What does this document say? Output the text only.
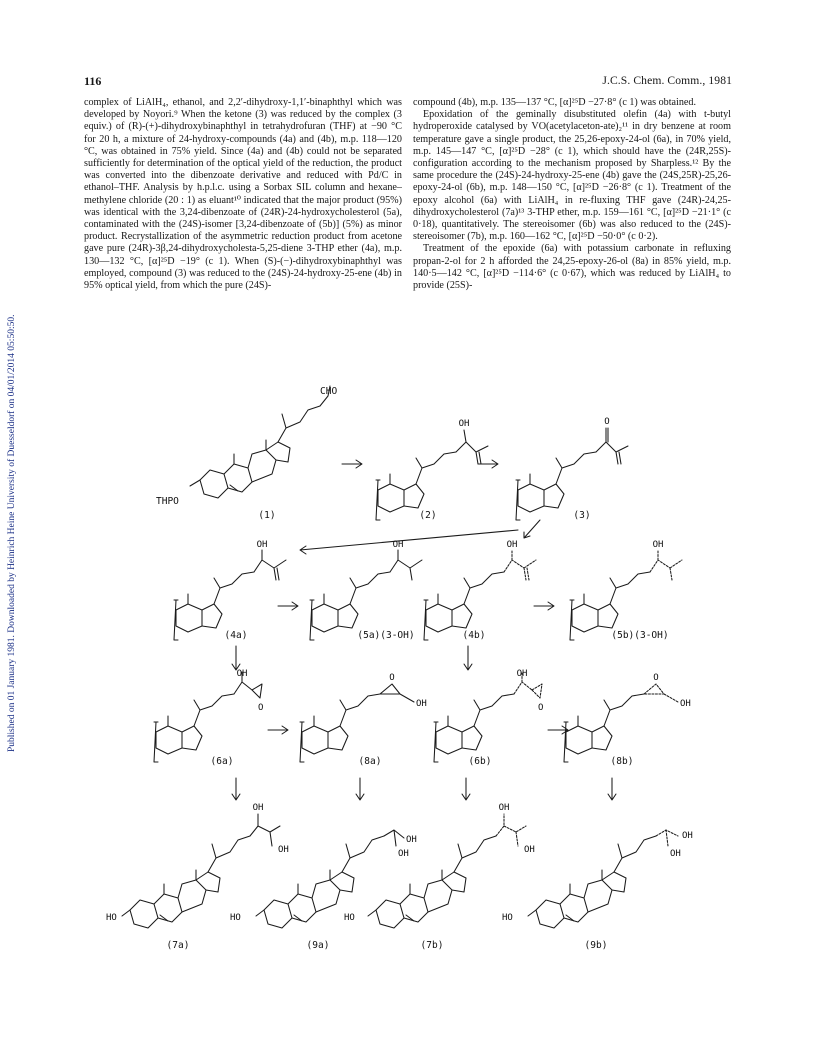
Published on 01 January 1981. Downloaded by Heinrich Heine University of Duesseldorf on 04/01/2014 05:50:50.
116	J.C.S. Chem. Comm., 1981

complex of LiAlH₄, ethanol, and 2,2′-dihydroxy-1,1′-binaphthyl which was developed by Noyori.⁹ When the ketone (3) was reduced by the complex (3 equiv.) of (R)-(+)-dihydroxybinaphthyl in tetrahydrofuran (THF) at −90 °C for 20 h, a mixture of 24-hydroxy-compounds (4a) and (4b), m.p. 118—120 °C, was obtained in 75% yield. Since (4a) and (4b) could not be separated sufficiently for determination of the optical yield of the reduction, the product was converted into the dibenzoate derivative and reduced with Pd/C in ethanol–THF. Analysis by h.p.l.c. using a Sorbax SIL column and hexane–methylene chloride (20 : 1) as eluant¹⁰ indicated that the major product (95%) was identical with the 3,24-dibenzoate of (24R)-24-hydroxycholesterol (5a), contaminated with the (24S)-isomer [3,24-dibenzoate of (5b)] (5%) as minor product. Recrystallization of the asymmetric reduction product from acetone gave pure (24R)-3β,24-dihydroxycholesta-5,25-diene 3-THP ether (4a), m.p. 130—132 °C, [α]²⁵D −19° (c 1). When (S)-(−)-dihydroxybinaphthyl was employed, compound (3) was reduced to the (24S)-24-hydroxy-25-ene (4b) in 95% optical yield, from which the pure (24S)-

compound (4b), m.p. 135—137 °C, [α]²⁵D −27·8° (c 1) was obtained.

Epoxidation of the geminally disubstituted olefin (4a) with t-butyl hydroperoxide catalysed by VO(acetylaceton-ate)₂¹¹ in dry benzene at room temperature gave a single product, the 25,26-epoxy-24-ol (6a), in 70% yield, m.p. 145—147 °C, [α]²⁵D −28° (c 1), which should have the (24R,25S)-configuration according to the mechanism proposed by Sharpless.¹² By the same procedure the (24S)-24-hydroxy-25-ene (4b) gave the (24S,25R)-25,26-epoxy-24-ol (6b), m.p. 148—150 °C, [α]²⁵D −26·8° (c 1). Treatment of the epoxy alcohol (6a) with LiAlH₄ in re-fluxing THF gave (24R)-24,25-dihydroxycholesterol (7a)¹³ 3-THP ether, m.p. 159—161 °C, [α]²⁵D −21·1° (c 0·18), quantitatively. The stereoisomer (6b) was also reduced to the (24S)-stereoisomer (7b), m.p. 160—162 °C, [α]²⁵D −50·0° (c 0·2).

Treatment of the epoxide (6a) with potassium carbonate in refluxing propan-2-ol for 2 h afforded the 24,25-epoxy-26-ol (8a) in 85% yield, m.p. 140·5—142 °C, [α]²⁵D −114·6° (c 0·67), which was reduced by LiAlH₄ to provide (25S)-

CHO
THPO
(1)
OH
(2)
O
(3)
OH
(4a)
OH
(5a)(3-OH)
OH
(4b)
OH
(5b)(3-OH)
OH
O
(6a)
O
OH
(8a)
OH
O
(6b)
O
OH
(8b)
OH
OH
HO
(7a)
OH
OH
HO
(9a)
OH
OH
HO
(7b)
OH
OH
HO
(9b)
